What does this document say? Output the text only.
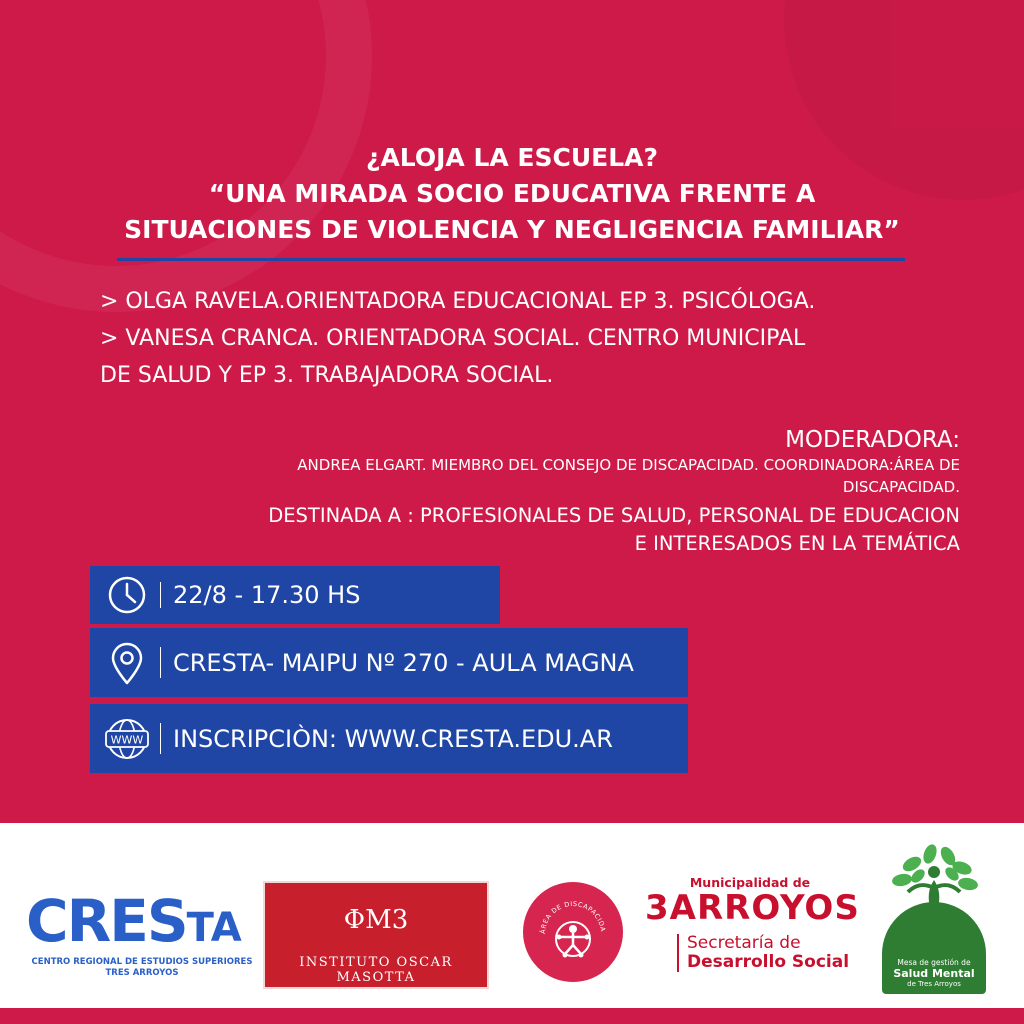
¿ALOJA LA ESCUELA?
“UNA MIRADA SOCIO EDUCATIVA FRENTE A
SITUACIONES DE VIOLENCIA Y NEGLIGENCIA FAMILIAR”
> OLGA RAVELA.ORIENTADORA EDUCACIONAL EP 3. PSICÓLOGA.
> VANESA CRANCA. ORIENTADORA SOCIAL. CENTRO MUNICIPAL
DE SALUD Y EP 3. TRABAJADORA SOCIAL.
MODERADORA:
ANDREA ELGART. MIEMBRO DEL CONSEJO DE DISCAPACIDAD. COORDINADORA:ÁREA DE
DISCAPACIDAD.
DESTINADA A : PROFESIONALES DE SALUD, PERSONAL DE EDUCACION
E INTERESADOS EN LA TEMÁTICA
22/8 - 17.30 HS
CRESTA- MAIPU Nº 270 - AULA MAGNA
WWW INSCRIPCIÒN: WWW.CRESTA.EDU.AR
CRESTA
CENTRO REGIONAL DE ESTUDIOS SUPERIORES
TRES ARROYOS
ΦM3
INSTITUTO OSCAR MASOTTA
ÁREA DE DISCAPACIDA
Municipalidad de
3ARROYOS
Secretaría de
Desarrollo Social	Mesa de gestión de
Salud Mental
de Tres Arroyos
